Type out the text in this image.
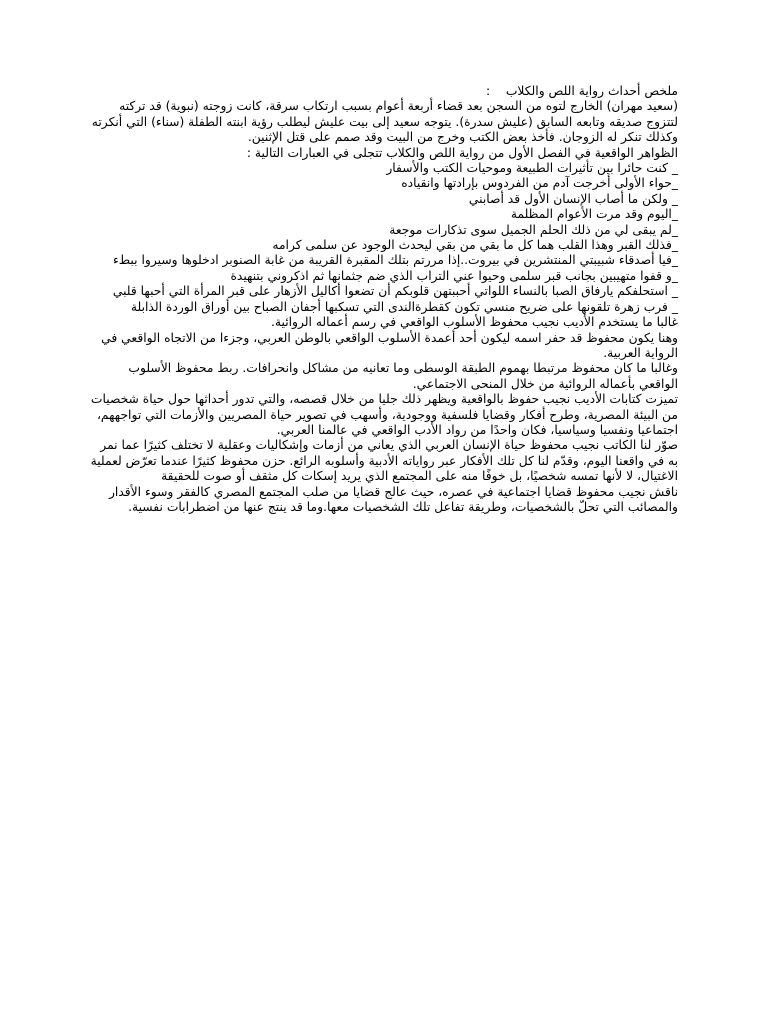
ملخص أحداث رواية اللص والكلاب    :

(سعيد مهران) الخارج لتوه من السجن بعد قضاء أربعة أعوام بسبب ارتكاب سرقة، كانت زوجته (نبوية) قد تركته لتتزوج صديقه وتابعه السابق (عليش سدرة). يتوجه سعيد إلى بيت عليش ليطلب رؤية ابنته الطفلة (سناء) التي أنكرته وكذلك تنكر له الزوجان. فأخذ بعض الكتب وخرج من البيت وقد صمم على قتل الإثنين.

الظواهر الواقعية في الفصل الأول من رواية اللص والكلاب تتجلى في العبارات التالية :

_ كنت حائرا بين تأثيرات الطبيعة وموحيات الكتب والأسفار

_حواء الأولى أخرجت آدم من الفردوس بإرادتها وانقياده

_ ولكن ما أصاب الإنسان الأول قد أصابني

_اليوم وقد مرت الأعوام المظلمة

_لم يبقى لي من ذلك الحلم الجميل سوى تذكارات موجعة

_فذلك القبر وهذا القلب هما كل ما بقي من بقي ليحدث الوجود عن سلمى كرامه

_فيا أصدقاء شبيبتي المنتشرين في بيروت..إذا مررتم بتلك المقبرة القريبة من غابة الصنوبر ادخلوها وسيروا ببطء

_و قفوا متهيبين بجانب قبر سلمى وحيوا عني التراب الذي ضم جثمانها ثم اذكروني بتنهيدة

_ استحلفكم يارفاق الصبا بالنساء اللواتي أحببتهن قلوبكم أن تضعوا أكاليل الأزهار على قبر المرأة التي أحبها قلبي

_ فرب زهرة تلقونها على ضريح منسي تكون كقطرةالندى التي تسكبها أجفان الصباح بين أوراق الوردة الذابلة

غالبا ما يستخدم الأديب نجيب محفوظ الأسلوب الواقعي في رسم أعماله الروائية.

وهنا يكون محفوظ قد حفر اسمه ليكون أحد أعمدة الأسلوب الواقعي بالوطن العربي، وجزءا من الاتجاه الواقعي في الرواية العربية.

وغالبا ما كان محفوظ مرتبطا بهموم الطبقة الوسطى وما تعانيه من مشاكل وانحرافات. ربط محفوظ الأسلوب الواقعي بأعماله الروائية من خلال المنحى الاجتماعي.

تميزت كتابات الأديب نجيب حفوظ بالواقعية ويظهر ذلك جليا من خلال قصصه، والتي تدور أحداثها حول حياة شخصيات من البيئة المصرية، وطرح أفكار وقضايا فلسفية ووجودية، وأسهب في تصوير حياة المصريين والأزمات التي تواجههم، اجتماعيا ونفسيا وسياسيا، فكان واحدًا من رواد الأدب الواقعي في عالمنا العربي.

صوّر لنا الكاتب نجيب محفوظ حياة الإنسان العربي الذي يعاني من أزمات وإشكاليات وعقلية لا تختلف كثيرًا عما نمر به في واقعنا اليوم، وقدّم لنا كل تلك الأفكار عبر رواياته الأدبية وأسلوبه الرائع. حزن محفوظ كثيرًا عندما تعرّض لعملية الاغتيال، لا لأنها تمسه شخصيًا، بل خوفًا منه على المجتمع الذي يريد إسكات كل مثقف أو صوت للحقيقة

ناقش نجيب محفوظ قضايا اجتماعية في عصره، حيث عالج قضايا من صلب المجتمع المصري كالفقر وسوء الأقدار والمصائب التي تحلّ بالشخصيات، وطريقة تفاعل تلك الشخصيات معها.وما قد ينتج عنها من اضطرابات نفسية.
